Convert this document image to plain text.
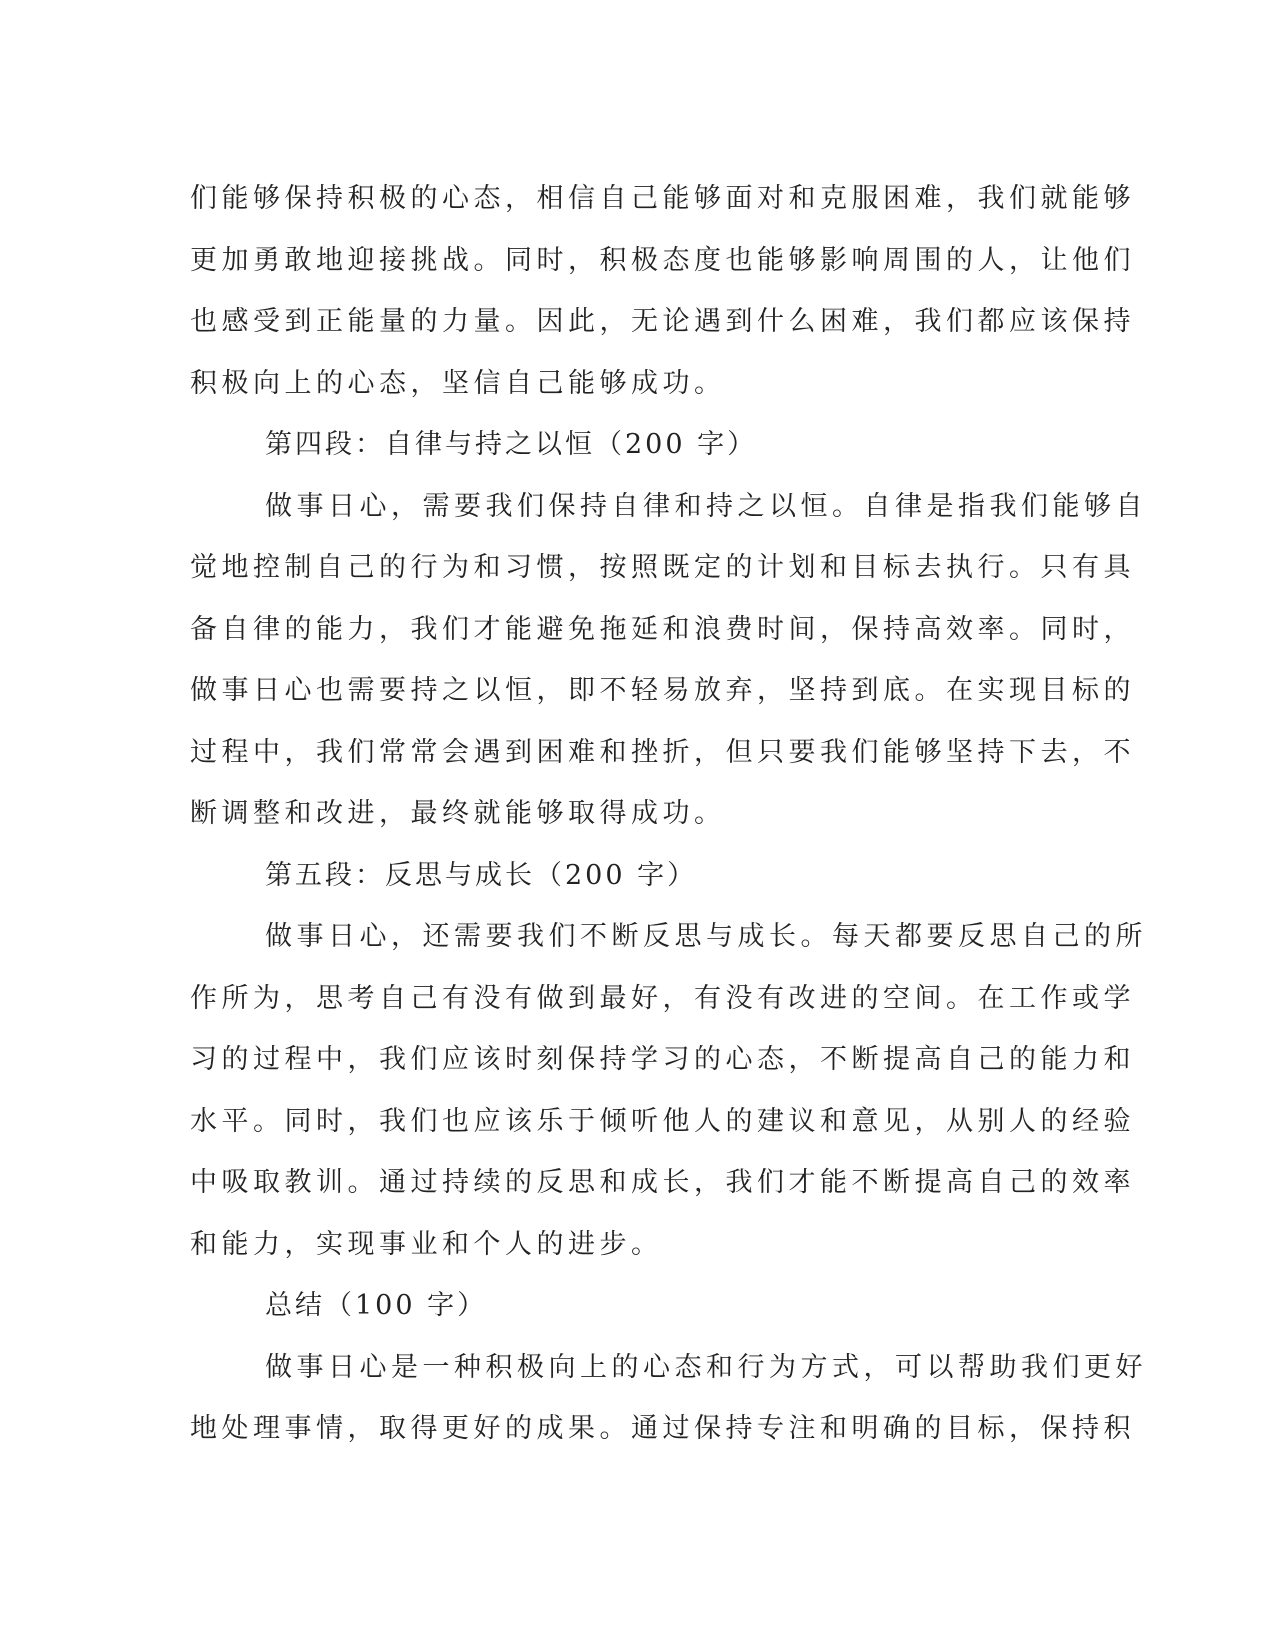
们能够保持积极的心态，相信自己能够面对和克服困难，我们就能够
更加勇敢地迎接挑战。同时，积极态度也能够影响周围的人，让他们
也感受到正能量的力量。因此，无论遇到什么困难，我们都应该保持
积极向上的心态，坚信自己能够成功。
第四段：自律与持之以恒（200 字）
做事日心，需要我们保持自律和持之以恒。自律是指我们能够自
觉地控制自己的行为和习惯，按照既定的计划和目标去执行。只有具
备自律的能力，我们才能避免拖延和浪费时间，保持高效率。同时，
做事日心也需要持之以恒，即不轻易放弃，坚持到底。在实现目标的
过程中，我们常常会遇到困难和挫折，但只要我们能够坚持下去，不
断调整和改进，最终就能够取得成功。
第五段：反思与成长（200 字）
做事日心，还需要我们不断反思与成长。每天都要反思自己的所
作所为，思考自己有没有做到最好，有没有改进的空间。在工作或学
习的过程中，我们应该时刻保持学习的心态，不断提高自己的能力和
水平。同时，我们也应该乐于倾听他人的建议和意见，从别人的经验
中吸取教训。通过持续的反思和成长，我们才能不断提高自己的效率
和能力，实现事业和个人的进步。
总结（100 字）
做事日心是一种积极向上的心态和行为方式，可以帮助我们更好
地处理事情，取得更好的成果。通过保持专注和明确的目标，保持积
